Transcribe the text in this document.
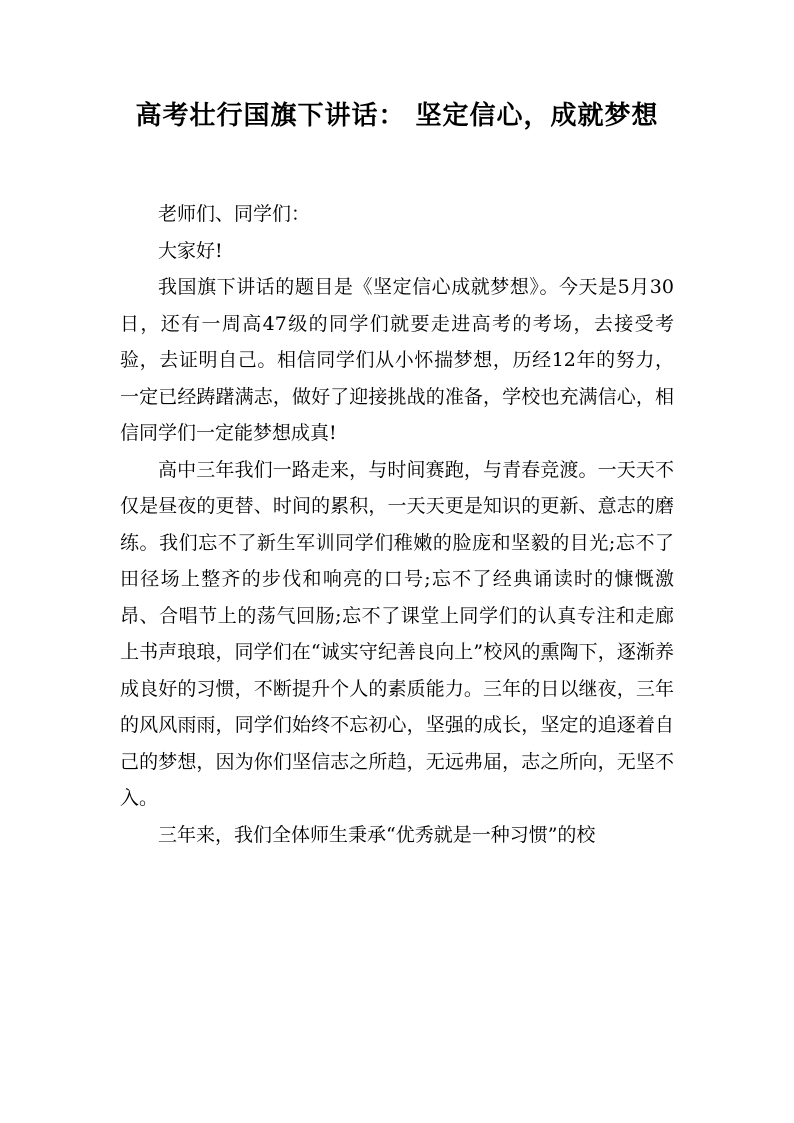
高考壮行国旗下讲话： 坚定信心，成就梦想

老师们、同学们：

大家好!

我国旗下讲话的题目是《坚定信心成就梦想》。今天是5月30日，还有一周高47级的同学们就要走进高考的考场，去接受考验，去证明自己。相信同学们从小怀揣梦想，历经12年的努力，一定已经踌躇满志，做好了迎接挑战的准备，学校也充满信心，相信同学们一定能梦想成真!

高中三年我们一路走来，与时间赛跑，与青春竞渡。一天天不仅是昼夜的更替、时间的累积，一天天更是知识的更新、意志的磨练。我们忘不了新生军训同学们稚嫩的脸庞和坚毅的目光;忘不了田径场上整齐的步伐和响亮的口号;忘不了经典诵读时的慷慨激昂、合唱节上的荡气回肠;忘不了课堂上同学们的认真专注和走廊上书声琅琅，同学们在“诚实守纪善良向上”校风的熏陶下，逐渐养成良好的习惯，不断提升个人的素质能力。三年的日以继夜，三年的风风雨雨，同学们始终不忘初心，坚强的成长，坚定的追逐着自己的梦想，因为你们坚信志之所趋，无远弗届，志之所向，无坚不入。

三年来，我们全体师生秉承“优秀就是一种习惯”的校
